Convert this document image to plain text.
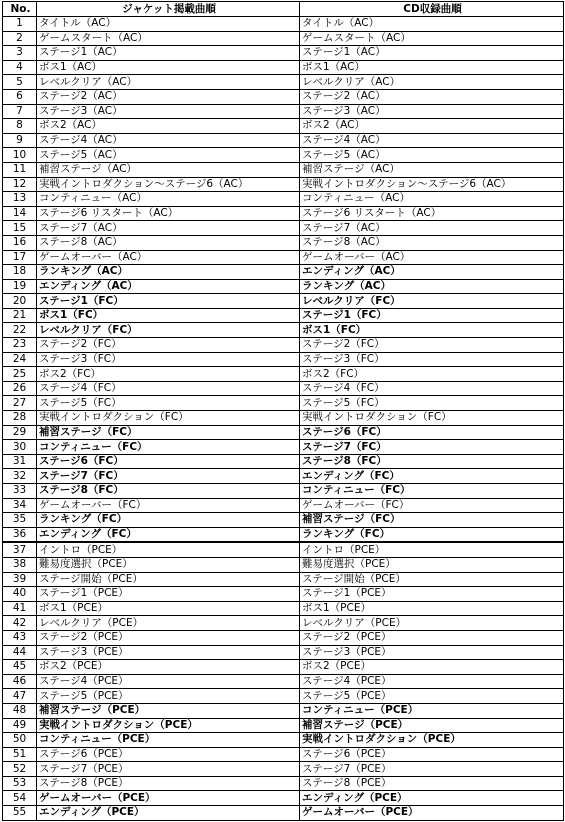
No.	ジャケット掲載曲順	CD収録曲順
1	タイトル（AC）	タイトル（AC）
2	ゲームスタート（AC）	ゲームスタート（AC）
3	ステージ1（AC）	ステージ1（AC）
4	ボス1（AC）	ボス1（AC）
5	レベルクリア（AC）	レベルクリア（AC）
6	ステージ2（AC）	ステージ2（AC）
7	ステージ3（AC）	ステージ3（AC）
8	ボス2（AC）	ボス2（AC）
9	ステージ4（AC）	ステージ4（AC）
10	ステージ5（AC）	ステージ5（AC）
11	補習ステージ（AC）	補習ステージ（AC）
12	実戦イントロダクション～ステージ6（AC）	実戦イントロダクション～ステージ6（AC）
13	コンティニュー（AC）	コンティニュー（AC）
14	ステージ6 リスタート（AC）	ステージ6 リスタート（AC）
15	ステージ7（AC）	ステージ7（AC）
16	ステージ8（AC）	ステージ8（AC）
17	ゲームオーバー（AC）	ゲームオーバー（AC）
18	ランキング（AC）	エンディング（AC）
19	エンディング（AC）	ランキング（AC）
20	ステージ1（FC）	レベルクリア（FC）
21	ボス1（FC）	ステージ1（FC）
22	レベルクリア（FC）	ボス1（FC）
23	ステージ2（FC）	ステージ2（FC）
24	ステージ3（FC）	ステージ3（FC）
25	ボス2（FC）	ボス2（FC）
26	ステージ4（FC）	ステージ4（FC）
27	ステージ5（FC）	ステージ5（FC）
28	実戦イントロダクション（FC）	実戦イントロダクション（FC）
29	補習ステージ（FC）	ステージ6（FC）
30	コンティニュー（FC）	ステージ7（FC）
31	ステージ6（FC）	ステージ8（FC）
32	ステージ7（FC）	エンディング（FC）
33	ステージ8（FC）	コンティニュー（FC）
34	ゲームオーバー（FC）	ゲームオーバー（FC）
35	ランキング（FC）	補習ステージ（FC）
36	エンディング（FC）	ランキング（FC）
37	イントロ（PCE）	イントロ（PCE）
38	難易度選択（PCE）	難易度選択（PCE）
39	ステージ開始（PCE）	ステージ開始（PCE）
40	ステージ1（PCE）	ステージ1（PCE）
41	ボス1（PCE）	ボス1（PCE）
42	レベルクリア（PCE）	レベルクリア（PCE）
43	ステージ2（PCE）	ステージ2（PCE）
44	ステージ3（PCE）	ステージ3（PCE）
45	ボス2（PCE）	ボス2（PCE）
46	ステージ4（PCE）	ステージ4（PCE）
47	ステージ5（PCE）	ステージ5（PCE）
48	補習ステージ（PCE）	コンティニュー（PCE）
49	実戦イントロダクション（PCE）	補習ステージ（PCE）
50	コンティニュー（PCE）	実戦イントロダクション（PCE）
51	ステージ6（PCE）	ステージ6（PCE）
52	ステージ7（PCE）	ステージ7（PCE）
53	ステージ8（PCE）	ステージ8（PCE）
54	ゲームオーバー（PCE）	エンディング（PCE）
55	エンディング（PCE）	ゲームオーバー（PCE）
